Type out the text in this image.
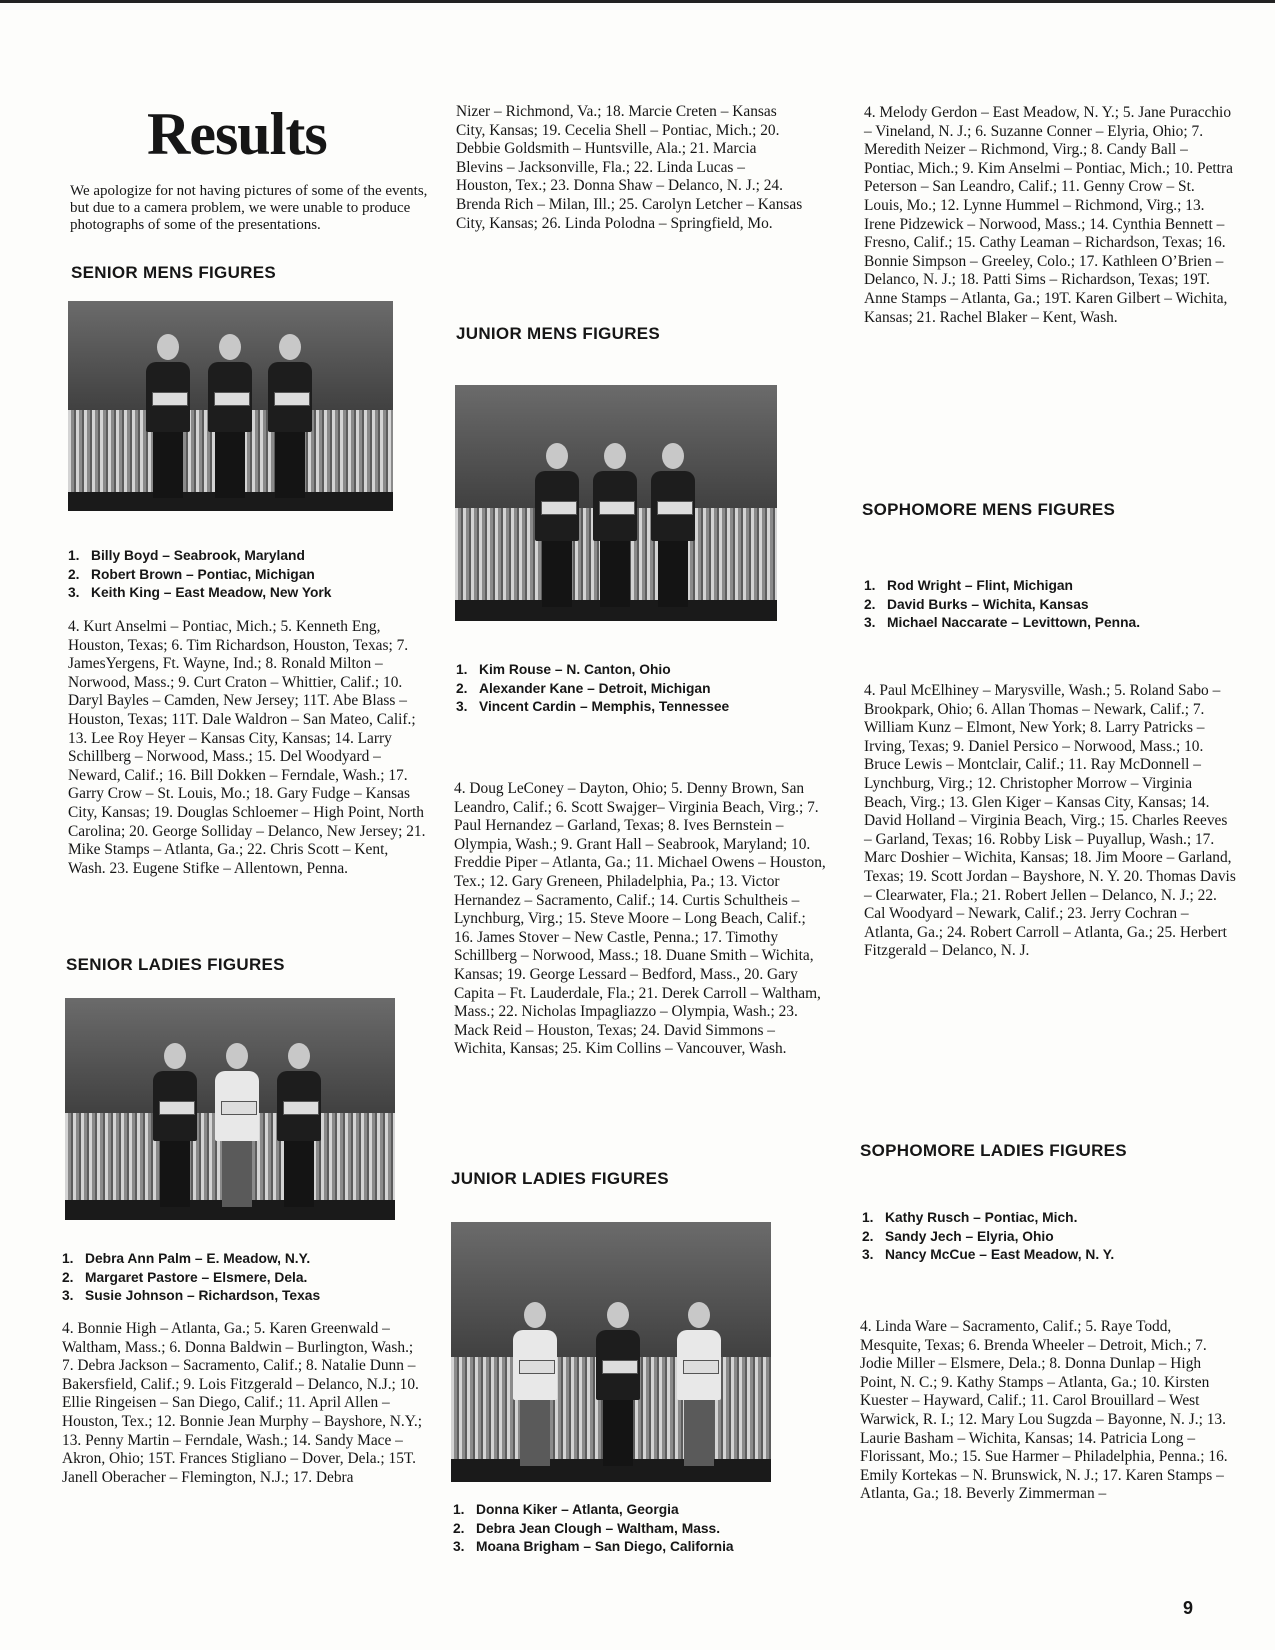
Results

We apologize for not having pictures of some of the events, but due to a camera problem, we were unable to produce photographs of some of the presentations.

SENIOR MENS FIGURES
1. Billy Boyd – Seabrook, Maryland
2. Robert Brown – Pontiac, Michigan
3. Keith King – East Meadow, New York

4. Kurt Anselmi – Pontiac, Mich.; 5. Kenneth Eng, Houston, Texas; 6. Tim Richardson, Houston, Texas; 7. JamesYergens, Ft. Wayne, Ind.; 8. Ronald Milton – Norwood, Mass.; 9. Curt Craton – Whittier, Calif.; 10. Daryl Bayles – Camden, New Jersey; 11T. Abe Blass – Houston, Texas; 11T. Dale Waldron – San Mateo, Calif.; 13. Lee Roy Heyer – Kansas City, Kansas; 14. Larry Schillberg – Norwood, Mass.; 15. Del Woodyard – Neward, Calif.; 16. Bill Dokken – Ferndale, Wash.; 17. Garry Crow – St. Louis, Mo.; 18. Gary Fudge – Kansas City, Kansas; 19. Douglas Schloemer – High Point, North Carolina; 20. George Solliday – Delanco, New Jersey; 21. Mike Stamps – Atlanta, Ga.; 22. Chris Scott – Kent, Wash. 23. Eugene Stifke – Allentown, Penna.

SENIOR LADIES FIGURES
1. Debra Ann Palm – E. Meadow, N.Y.
2. Margaret Pastore – Elsmere, Dela.
3. Susie Johnson – Richardson, Texas

4. Bonnie High – Atlanta, Ga.; 5. Karen Greenwald – Waltham, Mass.; 6. Donna Baldwin – Burlington, Wash.; 7. Debra Jackson – Sacramento, Calif.; 8. Natalie Dunn – Bakersfield, Calif.; 9. Lois Fitzgerald – Delanco, N.J.; 10. Ellie Ringeisen – San Diego, Calif.; 11. April Allen – Houston, Tex.; 12. Bonnie Jean Murphy – Bayshore, N.Y.; 13. Penny Martin – Ferndale, Wash.; 14. Sandy Mace – Akron, Ohio; 15T. Frances Stigliano – Dover, Dela.; 15T. Janell Oberacher – Flemington, N.J.; 17. Debra

Nizer – Richmond, Va.; 18. Marcie Creten – Kansas City, Kansas; 19. Cecelia Shell – Pontiac, Mich.; 20. Debbie Goldsmith – Huntsville, Ala.; 21. Marcia Blevins – Jacksonville, Fla.; 22. Linda Lucas – Houston, Tex.; 23. Donna Shaw – Delanco, N. J.; 24. Brenda Rich – Milan, Ill.; 25. Carolyn Letcher – Kansas City, Kansas; 26. Linda Polodna – Springfield, Mo.

JUNIOR MENS FIGURES
1. Kim Rouse – N. Canton, Ohio
2. Alexander Kane – Detroit, Michigan
3. Vincent Cardin – Memphis, Tennessee

4. Doug LeConey – Dayton, Ohio; 5. Denny Brown, San Leandro, Calif.; 6. Scott Swajger– Virginia Beach, Virg.; 7. Paul Hernandez – Garland, Texas; 8. Ives Bernstein – Olympia, Wash.; 9. Grant Hall – Seabrook, Maryland; 10. Freddie Piper – Atlanta, Ga.; 11. Michael Owens – Houston, Tex.; 12. Gary Greneen, Philadelphia, Pa.; 13. Victor Hernandez – Sacramento, Calif.; 14. Curtis Schultheis – Lynchburg, Virg.; 15. Steve Moore – Long Beach, Calif.; 16. James Stover – New Castle, Penna.; 17. Timothy Schillberg – Norwood, Mass.; 18. Duane Smith – Wichita, Kansas; 19. George Lessard – Bedford, Mass., 20. Gary Capita – Ft. Lauderdale, Fla.; 21. Derek Carroll – Waltham, Mass.; 22. Nicholas Impagliazzo – Olympia, Wash.; 23. Mack Reid – Houston, Texas; 24. David Simmons – Wichita, Kansas; 25. Kim Collins – Vancouver, Wash.

JUNIOR LADIES FIGURES
1. Donna Kiker – Atlanta, Georgia
2. Debra Jean Clough – Waltham, Mass.
3. Moana Brigham – San Diego, California

4. Melody Gerdon – East Meadow, N. Y.; 5. Jane Puracchio – Vineland, N. J.; 6. Suzanne Conner – Elyria, Ohio; 7. Meredith Neizer – Richmond, Virg.; 8. Candy Ball – Pontiac, Mich.; 9. Kim Anselmi – Pontiac, Mich.; 10. Pettra Peterson – San Leandro, Calif.; 11. Genny Crow – St. Louis, Mo.; 12. Lynne Hummel – Richmond, Virg.; 13. Irene Pidzewick – Norwood, Mass.; 14. Cynthia Bennett – Fresno, Calif.; 15. Cathy Leaman – Richardson, Texas; 16. Bonnie Simpson – Greeley, Colo.; 17. Kathleen O’Brien – Delanco, N. J.; 18. Patti Sims – Richardson, Texas; 19T. Anne Stamps – Atlanta, Ga.; 19T. Karen Gilbert – Wichita, Kansas; 21. Rachel Blaker – Kent, Wash.

SOPHOMORE MENS FIGURES
1. Rod Wright – Flint, Michigan
2. David Burks – Wichita, Kansas
3. Michael Naccarate – Levittown, Penna.

4. Paul McElhiney – Marysville, Wash.; 5. Roland Sabo – Brookpark, Ohio; 6. Allan Thomas – Newark, Calif.; 7. William Kunz – Elmont, New York; 8. Larry Patricks – Irving, Texas; 9. Daniel Persico – Norwood, Mass.; 10. Bruce Lewis – Montclair, Calif.; 11. Ray McDonnell – Lynchburg, Virg.; 12. Christopher Morrow – Virginia Beach, Virg.; 13. Glen Kiger – Kansas City, Kansas; 14. David Holland – Virginia Beach, Virg.; 15. Charles Reeves – Garland, Texas; 16. Robby Lisk – Puyallup, Wash.; 17. Marc Doshier – Wichita, Kansas; 18. Jim Moore – Garland, Texas; 19. Scott Jordan – Bayshore, N. Y. 20. Thomas Davis – Clearwater, Fla.; 21. Robert Jellen – Delanco, N. J.; 22. Cal Woodyard – Newark, Calif.; 23. Jerry Cochran – Atlanta, Ga.; 24. Robert Carroll – Atlanta, Ga.; 25. Herbert Fitzgerald – Delanco, N. J.

SOPHOMORE LADIES FIGURES
1. Kathy Rusch – Pontiac, Mich.
2. Sandy Jech – Elyria, Ohio
3. Nancy McCue – East Meadow, N. Y.

4. Linda Ware – Sacramento, Calif.; 5. Raye Todd, Mesquite, Texas; 6. Brenda Wheeler – Detroit, Mich.; 7. Jodie Miller – Elsmere, Dela.; 8. Donna Dunlap – High Point, N. C.; 9. Kathy Stamps – Atlanta, Ga.; 10. Kirsten Kuester – Hayward, Calif.; 11. Carol Brouillard – West Warwick, R. I.; 12. Mary Lou Sugzda – Bayonne, N. J.; 13. Laurie Basham – Wichita, Kansas; 14. Patricia Long – Florissant, Mo.; 15. Sue Harmer – Philadelphia, Penna.; 16. Emily Kortekas – N. Brunswick, N. J.; 17. Karen Stamps – Atlanta, Ga.; 18. Beverly Zimmerman –

9
